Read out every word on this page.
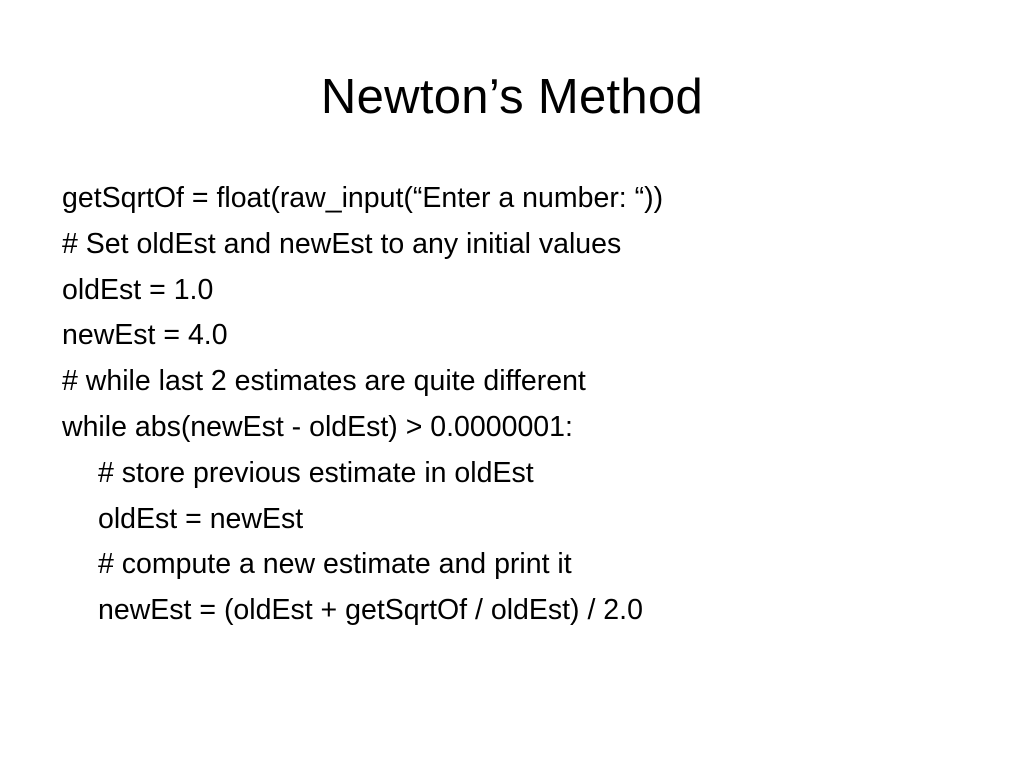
Newton’s Method
getSqrtOf = float(raw_input(“Enter a number: “))
# Set oldEst and newEst to any initial values
oldEst = 1.0
newEst = 4.0
# while last 2 estimates are quite different
while abs(newEst - oldEst) > 0.0000001:
# store previous estimate in oldEst
oldEst = newEst
# compute a new estimate and print it
newEst = (oldEst + getSqrtOf / oldEst) / 2.0
